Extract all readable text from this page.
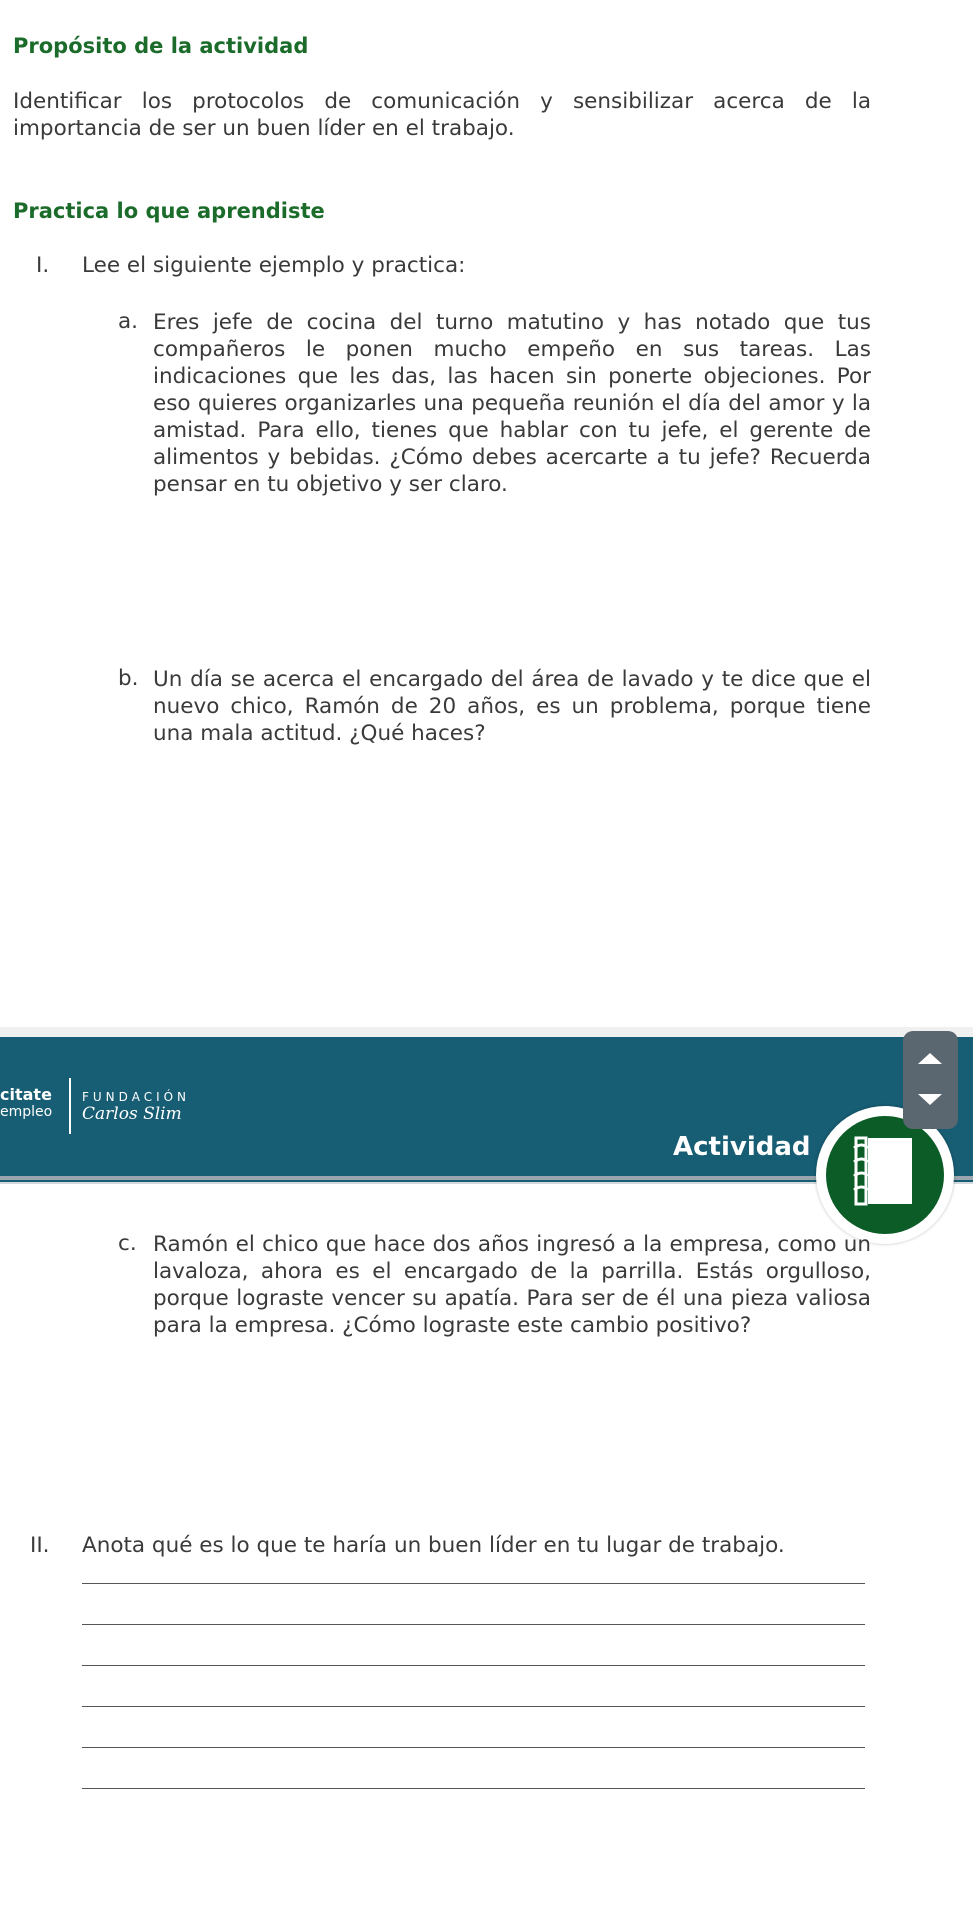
Propósito de la actividad
Identificar los protocolos de comunicación y sensibilizar acerca de la importancia de ser un buen líder en el trabajo.
Practica lo que aprendiste
I. Lee el siguiente ejemplo y practica:
a. Eres jefe de cocina del turno matutino y has notado que tus compañeros le ponen mucho empeño en sus tareas. Las indicaciones que les das, las hacen sin ponerte objeciones. Por eso quieres organizarles una pequeña reunión el día del amor y la amistad. Para ello, tienes que hablar con tu jefe, el gerente de alimentos y bebidas. ¿Cómo debes acercarte a tu jefe? Recuerda pensar en tu objetivo y ser claro.
b. Un día se acerca el encargado del área de lavado y te dice que el nuevo chico, Ramón de 20 años, es un problema, porque tiene una mala actitud. ¿Qué haces?
citate
empleo
FUNDACIÓN
Carlos Slim
Actividad
c. Ramón el chico que hace dos años ingresó a la empresa, como un lavaloza, ahora es el encargado de la parrilla. Estás orgulloso, porque lograste vencer su apatía. Para ser de él una pieza valiosa para la empresa. ¿Cómo lograste este cambio positivo?
II. Anota qué es lo que te haría un buen líder en tu lugar de trabajo.
